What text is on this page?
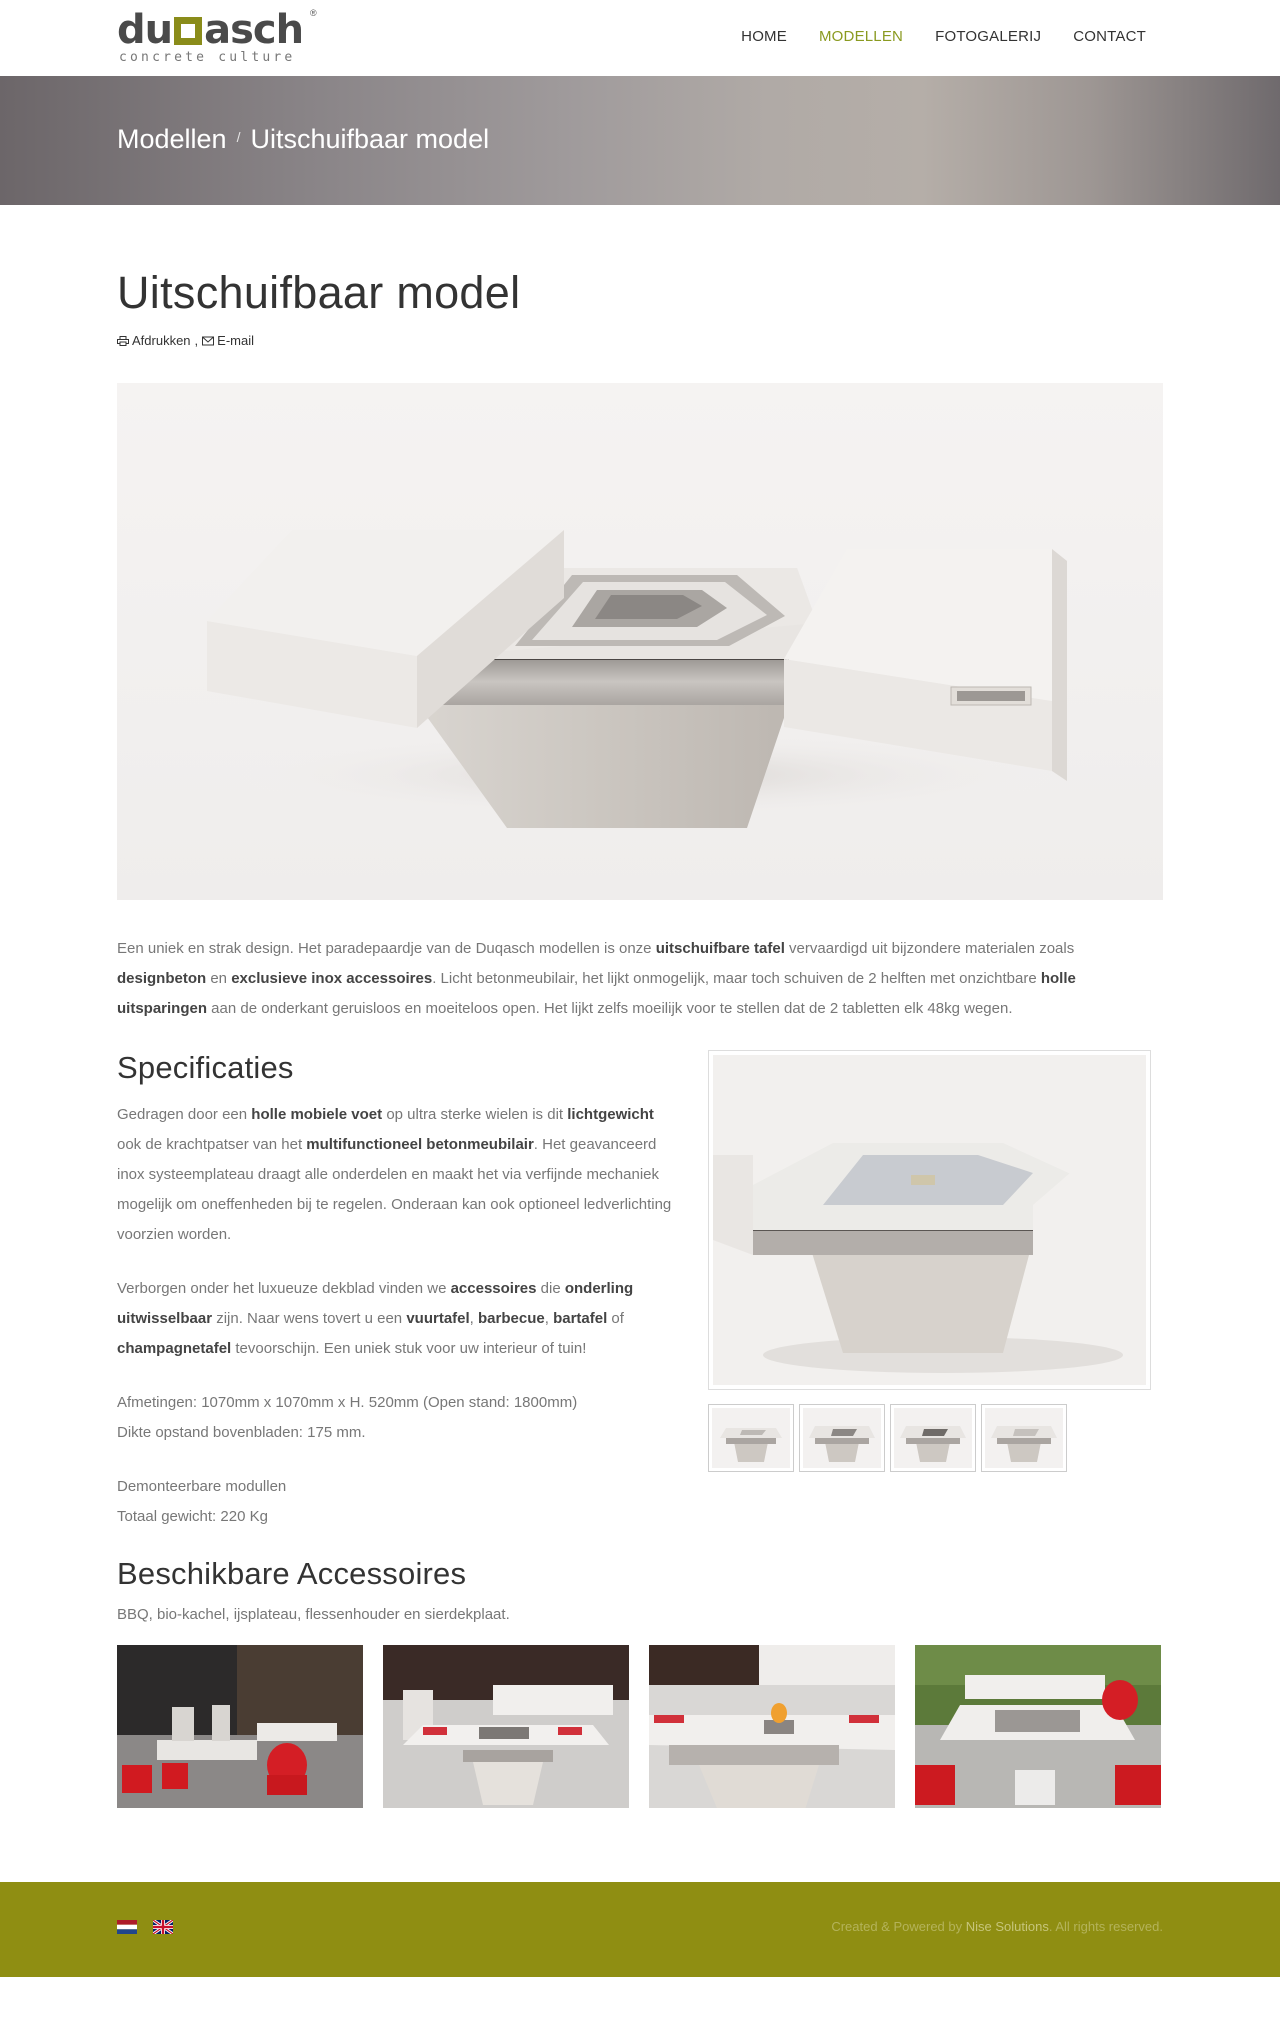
du asch
concrete culture
®
HOME MODELLEN FOTOGALERIJ CONTACT
Modellen / Uitschuifbaar model
Uitschuifbaar model
Afdrukken ,	E-mail

Een uniek en strak design. Het paradepaardje van de Duqasch modellen is onze uitschuifbare tafel vervaardigd uit bijzondere materialen zoals designbeton en exclusieve inox accessoires. Licht betonmeubilair, het lijkt onmogelijk, maar toch schuiven de 2 helften met onzichtbare holle uitsparingen aan de onderkant geruisloos en moeiteloos open. Het lijkt zelfs moeilijk voor te stellen dat de 2 tabletten elk 48kg wegen.

Specificaties

Gedragen door een holle mobiele voet op ultra sterke wielen is dit lichtgewicht ook de krachtpatser van het multifunctioneel betonmeubilair. Het geavanceerd inox systeemplateau draagt alle onderdelen en maakt het via verfijnde mechaniek mogelijk om oneffenheden bij te regelen. Onderaan kan ook optioneel ledverlichting voorzien worden.

Verborgen onder het luxueuze dekblad vinden we accessoires die onderling uitwisselbaar zijn. Naar wens tovert u een vuurtafel, barbecue, bartafel of champagnetafel tevoorschijn. Een uniek stuk voor uw interieur of tuin!

Afmetingen: 1070mm x 1070mm x H. 520mm (Open stand: 1800mm)
Dikte opstand bovenbladen: 175 mm.

Demonteerbare modullen
Totaal gewicht: 220 Kg

Beschikbare Accessoires

BBQ, bio-kachel, ijsplateau, flessenhouder en sierdekplaat.

Created & Powered by Nise Solutions. All rights reserved.
